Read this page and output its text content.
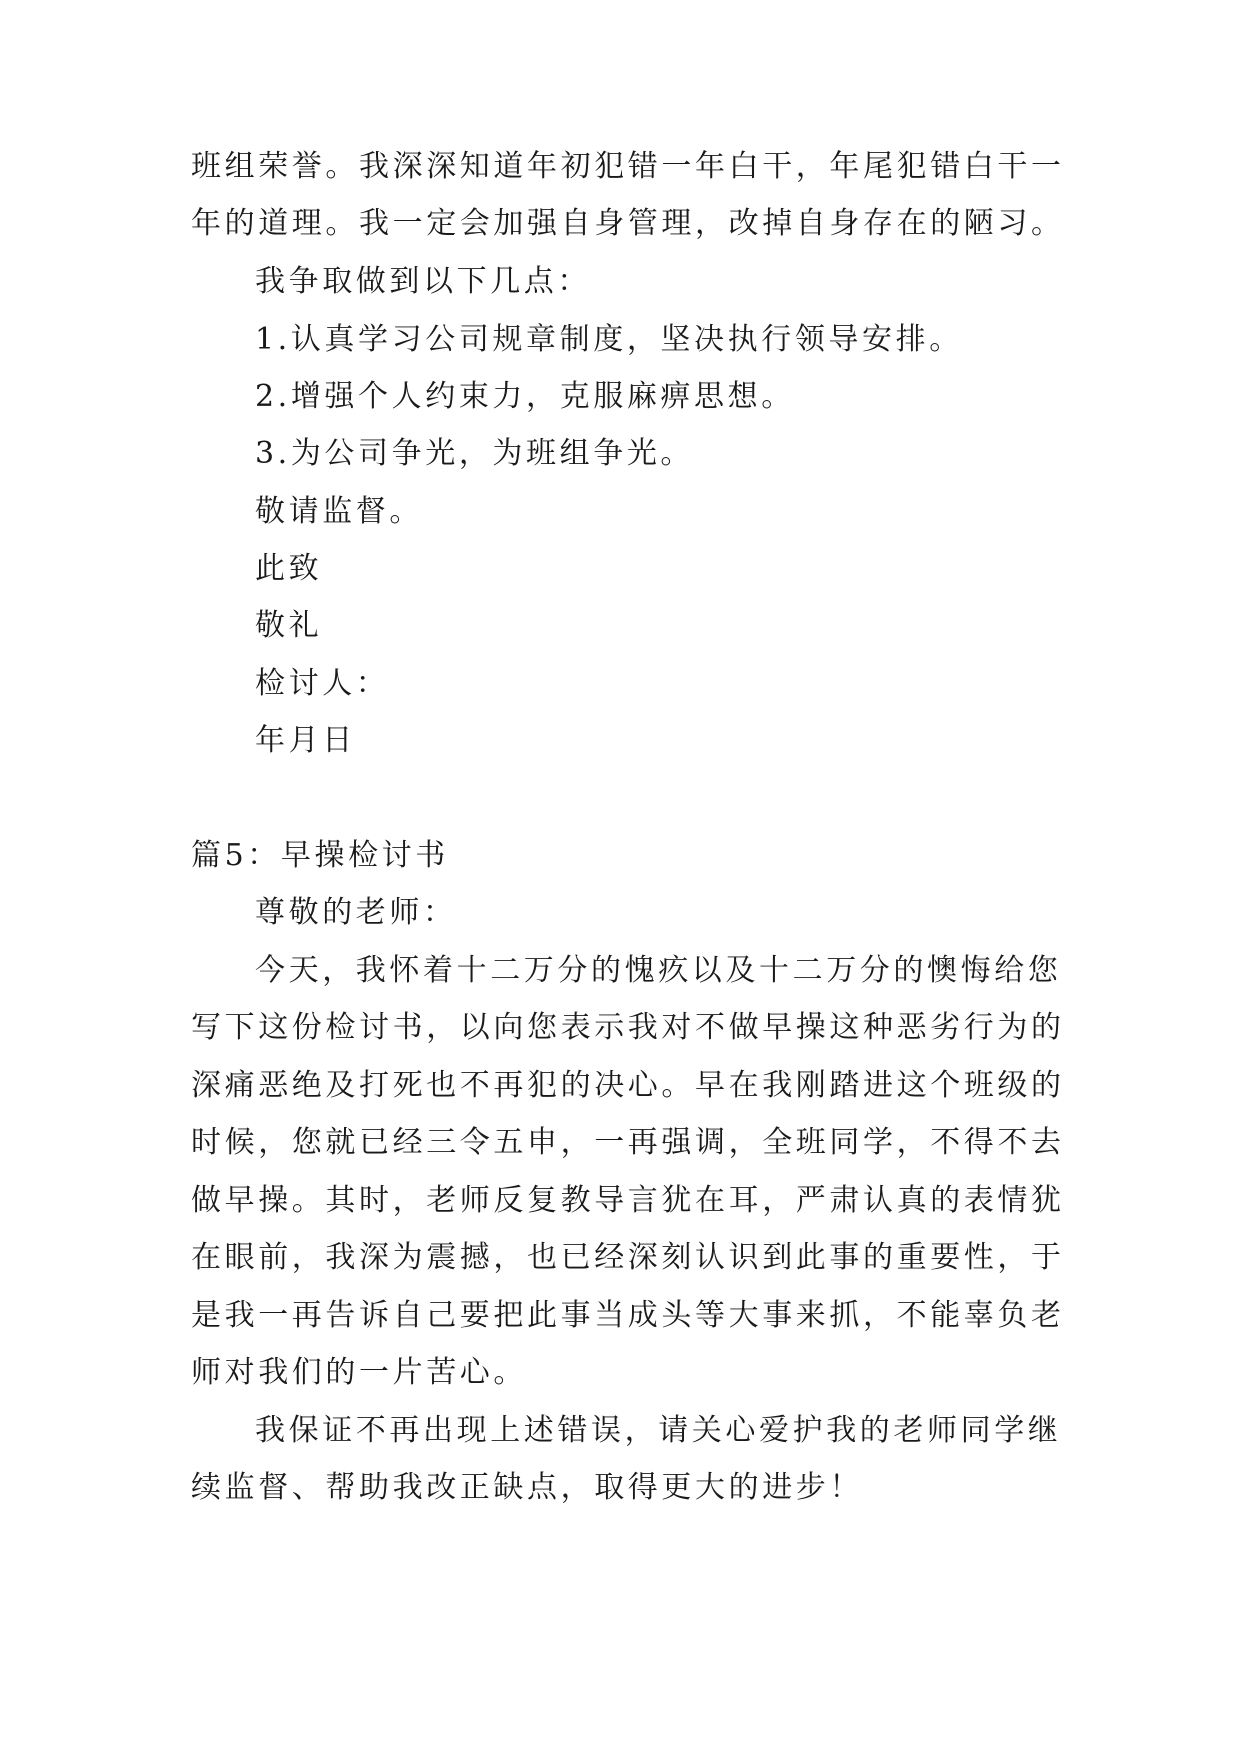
班组荣誉。我深深知道年初犯错一年白干，年尾犯错白干一
年的道理。我一定会加强自身管理，改掉自身存在的陋习。
我争取做到以下几点：
1.认真学习公司规章制度，坚决执行领导安排。
2.增强个人约束力，克服麻痹思想。
3.为公司争光，为班组争光。
敬请监督。
此致
敬礼
检讨人：
年月日
篇5：早操检讨书
尊敬的老师：
今天，我怀着十二万分的愧疚以及十二万分的懊悔给您
写下这份检讨书，以向您表示我对不做早操这种恶劣行为的
深痛恶绝及打死也不再犯的决心。早在我刚踏进这个班级的
时候，您就已经三令五申，一再强调，全班同学，不得不去
做早操。其时，老师反复教导言犹在耳，严肃认真的表情犹
在眼前，我深为震撼，也已经深刻认识到此事的重要性，于
是我一再告诉自己要把此事当成头等大事来抓，不能辜负老
师对我们的一片苦心。
我保证不再出现上述错误，请关心爱护我的老师同学继
续监督、帮助我改正缺点，取得更大的进步！
